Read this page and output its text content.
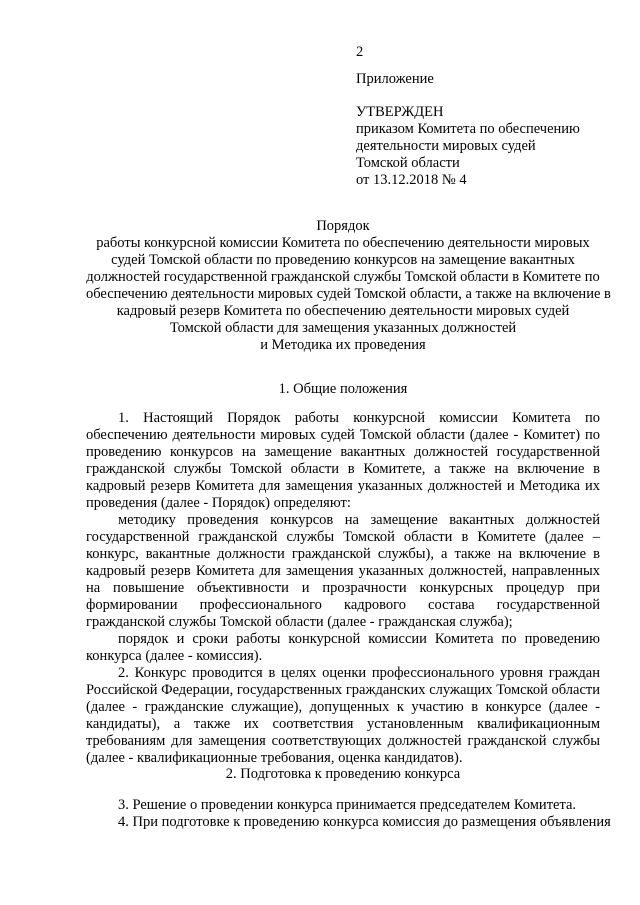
2
Приложение
УТВЕРЖДЕН
приказом Комитета по обеспечению
деятельности мировых судей
Томской области
от 13.12.2018 № 4
Порядок
работы конкурсной комиссии Комитета по обеспечению деятельности мировых
судей Томской области по проведению конкурсов на замещение вакантных
должностей государственной гражданской службы Томской области в Комитете по
обеспечению деятельности мировых судей Томской области, а также на включение в
кадровый резерв Комитета по обеспечению деятельности мировых судей
Томской области для замещения указанных должностей
и Методика их проведения
1. Общие положения

1. Настоящий Порядок работы конкурсной комиссии Комитета по обеспечению деятельности мировых судей Томской области (далее - Комитет) по проведению конкурсов на замещение вакантных должностей государственной гражданской службы Томской области в Комитете, а также на включение в кадровый резерв Комитета для замещения указанных должностей и Методика их проведения (далее - Порядок) определяют:

методику проведения конкурсов на замещение вакантных должностей государственной гражданской службы Томской области в Комитете (далее – конкурс, вакантные должности гражданской службы), а также на включение в кадровый резерв Комитета для замещения указанных должностей, направленных на повышение объективности и прозрачности конкурсных процедур при формировании профессионального кадрового состава государственной гражданской службы Томской области (далее - гражданская служба);

порядок и сроки работы конкурсной комиссии Комитета по проведению конкурса (далее - комиссия).

2. Конкурс проводится в целях оценки профессионального уровня граждан Российской Федерации, государственных гражданских служащих Томской области (далее - гражданские служащие), допущенных к участию в конкурсе (далее - кандидаты), а также их соответствия установленным квалификационным требованиям для замещения соответствующих должностей гражданской службы (далее - квалификационные требования, оценка кандидатов).

2. Подготовка к проведению конкурса

3. Решение о проведении конкурса принимается председателем Комитета.

4. При подготовке к проведению конкурса комиссия до размещения объявления
